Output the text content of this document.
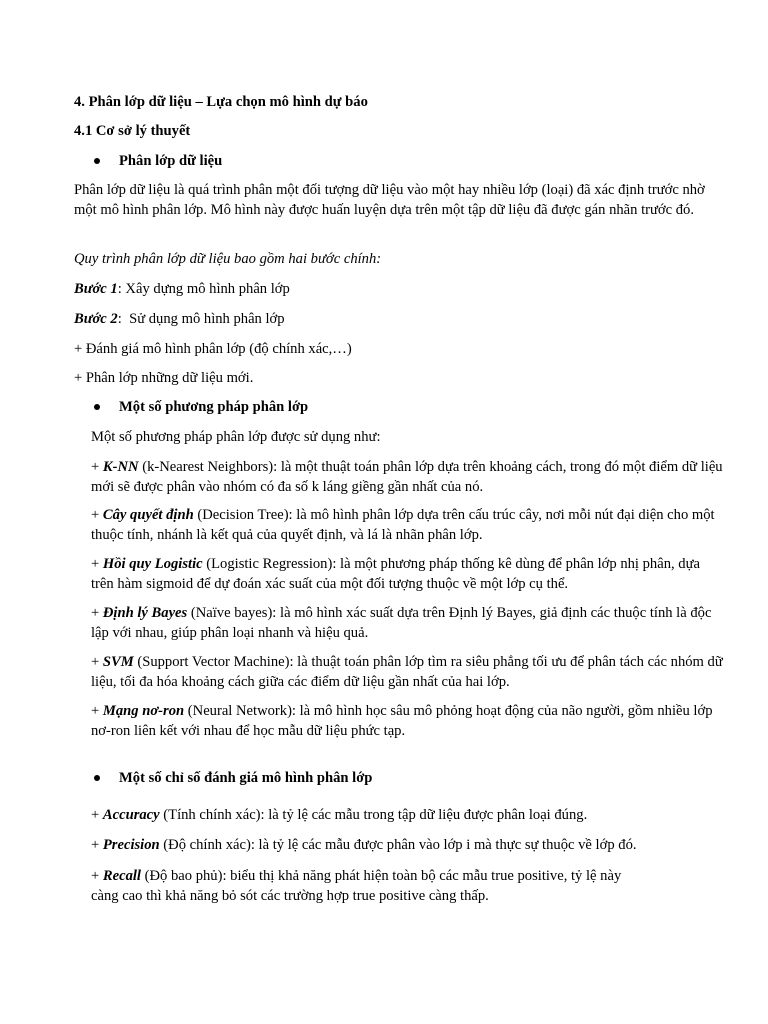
4. Phân lớp dữ liệu – Lựa chọn mô hình dự báo

4.1 Cơ sở lý thuyết

Phân lớp dữ liệu

Phân lớp dữ liệu là quá trình phân một đối tượng dữ liệu vào một hay nhiều lớp (loại) đã xác định trước nhờ một mô hình phân lớp. Mô hình này được huấn luyện dựa trên một tập dữ liệu đã được gán nhãn trước đó.

Quy trình phân lớp dữ liệu bao gồm hai bước chính:

Bước 1: Xây dựng mô hình phân lớp

Bước 2:  Sử dụng mô hình phân lớp

+ Đánh giá mô hình phân lớp (độ chính xác,…)

+ Phân lớp những dữ liệu mới.

Một số phương pháp phân lớp

Một số phương pháp phân lớp được sử dụng như:

+ K-NN (k-Nearest Neighbors): là một thuật toán phân lớp dựa trên khoảng cách, trong đó một điểm dữ liệu mới sẽ được phân vào nhóm có đa số k láng giềng gần nhất của nó.

+ Cây quyết định (Decision Tree): là mô hình phân lớp dựa trên cấu trúc cây, nơi mỗi nút đại diện cho một thuộc tính, nhánh là kết quả của quyết định, và lá là nhãn phân lớp.

+ Hồi quy Logistic (Logistic Regression): là một phương pháp thống kê dùng để phân lớp nhị phân, dựa trên hàm sigmoid để dự đoán xác suất của một đối tượng thuộc về một lớp cụ thể.

+ Định lý Bayes (Naïve bayes): là mô hình xác suất dựa trên Định lý Bayes, giả định các thuộc tính là độc lập với nhau, giúp phân loại nhanh và hiệu quả.

+ SVM (Support Vector Machine): là thuật toán phân lớp tìm ra siêu phẳng tối ưu để phân tách các nhóm dữ liệu, tối đa hóa khoảng cách giữa các điểm dữ liệu gần nhất của hai lớp.

+ Mạng nơ-ron (Neural Network): là mô hình học sâu mô phỏng hoạt động của não người, gồm nhiều lớp nơ-ron liên kết với nhau để học mẫu dữ liệu phức tạp.

Một số chỉ số đánh giá mô hình phân lớp

+ Accuracy (Tính chính xác): là tỷ lệ các mẫu trong tập dữ liệu được phân loại đúng.

+ Precision (Độ chính xác): là tỷ lệ các mẫu được phân vào lớp i mà thực sự thuộc về lớp đó.

+ Recall (Độ bao phủ): biểu thị khả năng phát hiện toàn bộ các mẫu true positive, tỷ lệ này càng cao thì khả năng bỏ sót các trường hợp true positive càng thấp.
